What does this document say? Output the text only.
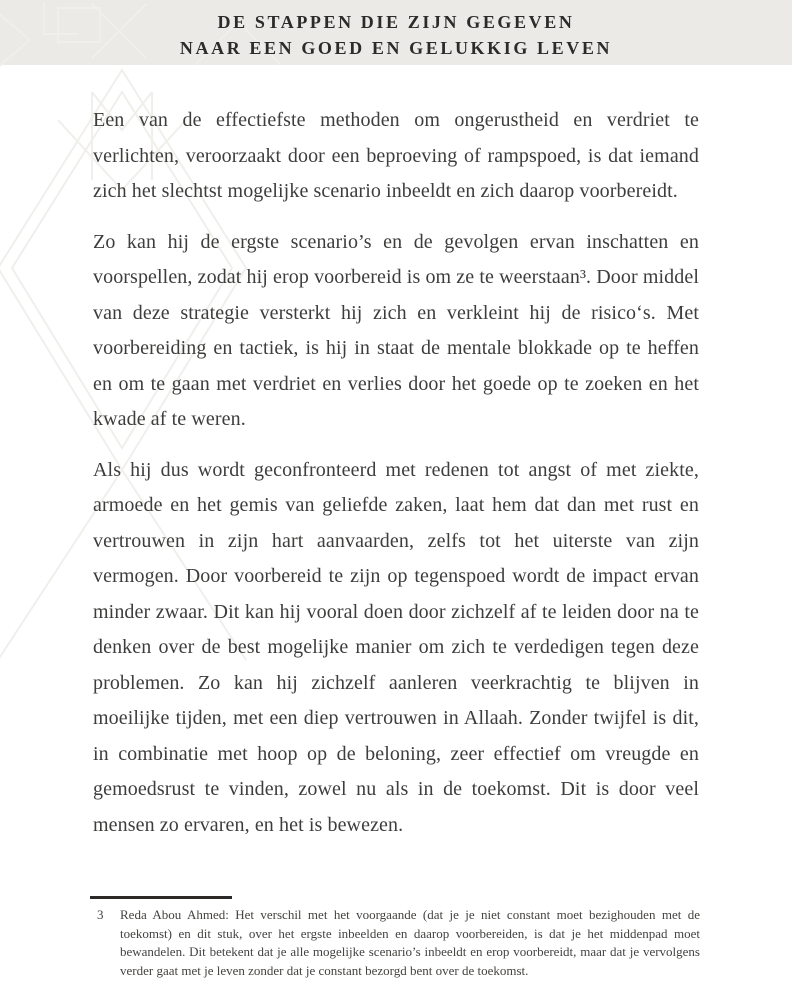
DE STAPPEN DIE ZIJN GEGEVEN
NAAR EEN GOED EN GELUKKIG LEVEN

Een van de effectiefste methoden om ongerustheid en verdriet te verlichten, veroorzaakt door een beproeving of rampspoed, is dat iemand zich het slechtst mogelijke scenario inbeeldt en zich daarop voorbereidt.

Zo kan hij de ergste scenario’s en de gevolgen ervan inschatten en voorspellen, zodat hij erop voorbereid is om ze te weerstaan³. Door middel van deze strategie versterkt hij zich en verkleint hij de risico‘s. Met voorbereiding en tactiek, is hij in staat de mentale blokkade op te heffen en om te gaan met verdriet en verlies door het goede op te zoeken en het kwade af te weren.

Als hij dus wordt geconfronteerd met redenen tot angst of met ziekte, armoede en het gemis van geliefde zaken, laat hem dat dan met rust en vertrouwen in zijn hart aanvaarden, zelfs tot het uiterste van zijn vermogen. Door voorbereid te zijn op tegenspoed wordt de impact ervan minder zwaar. Dit kan hij vooral doen door zichzelf af te leiden door na te denken over de best mogelijke manier om zich te verdedigen tegen deze problemen. Zo kan hij zichzelf aanleren veerkrachtig te blijven in moeilijke tijden, met een diep vertrouwen in Allaah. Zonder twijfel is dit, in combinatie met hoop op de beloning, zeer effectief om vreugde en gemoedsrust te vinden, zowel nu als in de toekomst. Dit is door veel mensen zo ervaren, en het is bewezen.

3	Reda Abou Ahmed: Het verschil met het voorgaande (dat je je niet constant moet bezighouden met de toekomst) en dit stuk, over het ergste inbeelden en daarop voorbereiden, is dat je het middenpad moet bewandelen. Dit betekent dat je alle mogelijke scenario’s inbeeldt en erop voorbereidt, maar dat je vervolgens verder gaat met je leven zonder dat je constant bezorgd bent over de toekomst.
